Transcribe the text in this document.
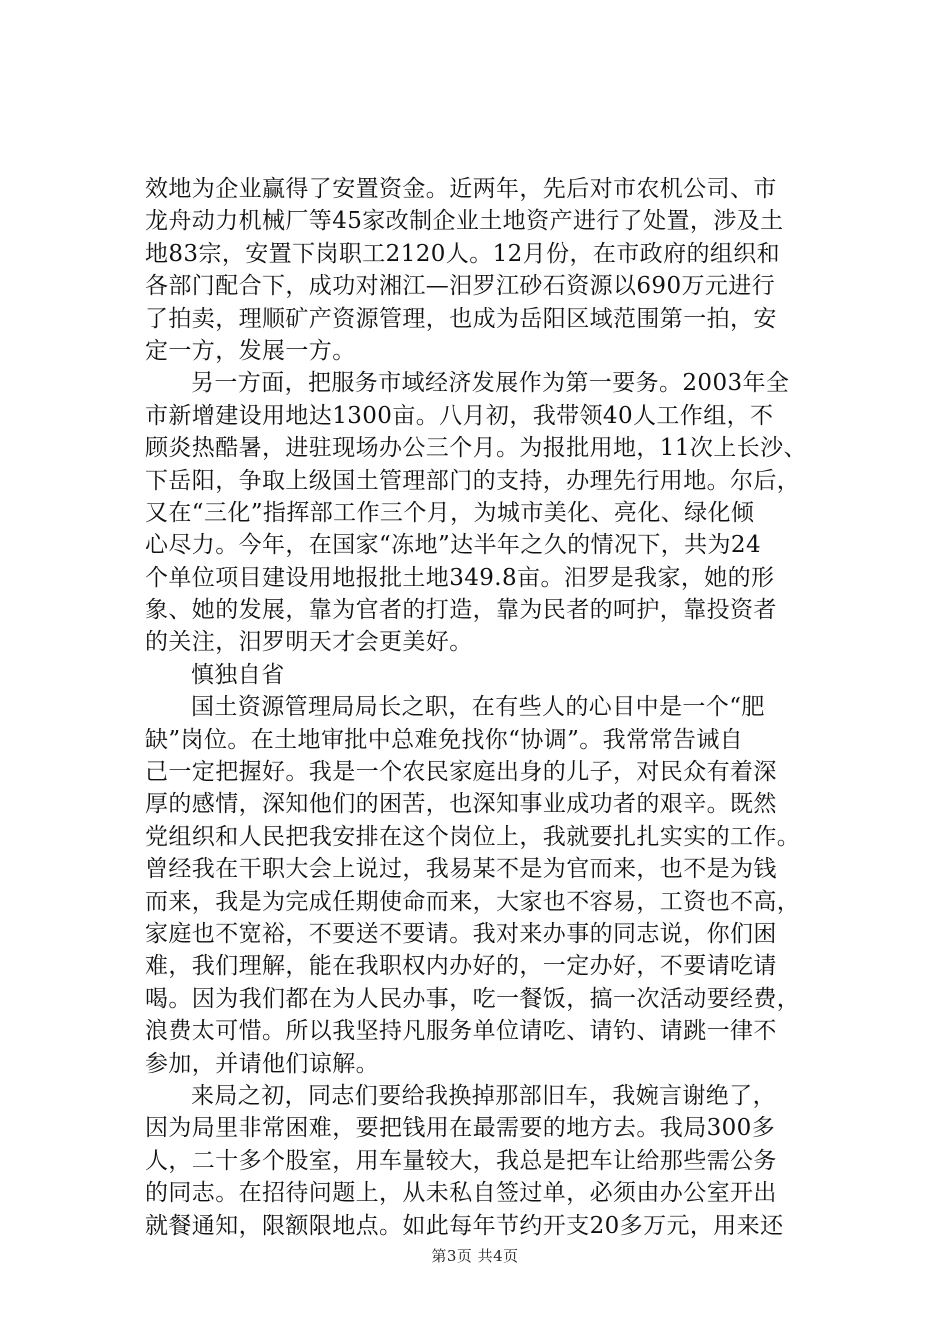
效地为企业赢得了安置资金。近两年，先后对市农机公司、市
龙舟动力机械厂等45家改制企业土地资产进行了处置，涉及土
地83宗，安置下岗职工2120人。12月份，在市政府的组织和
各部门配合下，成功对湘江—汨罗江砂石资源以690万元进行
了拍卖，理顺矿产资源管理，也成为岳阳区域范围第一拍，安
定一方，发展一方。
另一方面，把服务市域经济发展作为第一要务。2003年全
市新增建设用地达1300亩。八月初，我带领40人工作组，不
顾炎热酷暑，进驻现场办公三个月。为报批用地，11次上长沙、
下岳阳，争取上级国土管理部门的支持，办理先行用地。尔后，
又在“三化”指挥部工作三个月，为城市美化、亮化、绿化倾
心尽力。今年，在国家“冻地”达半年之久的情况下，共为24
个单位项目建设用地报批土地349.8亩。汨罗是我家，她的形
象、她的发展，靠为官者的打造，靠为民者的呵护，靠投资者
的关注，汨罗明天才会更美好。
慎独自省
国土资源管理局局长之职，在有些人的心目中是一个“肥
缺”岗位。在土地审批中总难免找你“协调”。我常常告诫自
己一定把握好。我是一个农民家庭出身的儿子，对民众有着深
厚的感情，深知他们的困苦，也深知事业成功者的艰辛。既然
党组织和人民把我安排在这个岗位上，我就要扎扎实实的工作。
曾经我在干职大会上说过，我易某不是为官而来，也不是为钱
而来，我是为完成任期使命而来，大家也不容易，工资也不高，
家庭也不宽裕，不要送不要请。我对来办事的同志说，你们困
难，我们理解，能在我职权内办好的，一定办好，不要请吃请
喝。因为我们都在为人民办事，吃一餐饭，搞一次活动要经费，
浪费太可惜。所以我坚持凡服务单位请吃、请钓、请跳一律不
参加，并请他们谅解。
来局之初，同志们要给我换掉那部旧车，我婉言谢绝了，
因为局里非常困难，要把钱用在最需要的地方去。我局300多
人，二十多个股室，用车量较大，我总是把车让给那些需公务
的同志。在招待问题上，从未私自签过单，必须由办公室开出
就餐通知，限额限地点。如此每年节约开支20多万元，用来还
第3页 共4页
